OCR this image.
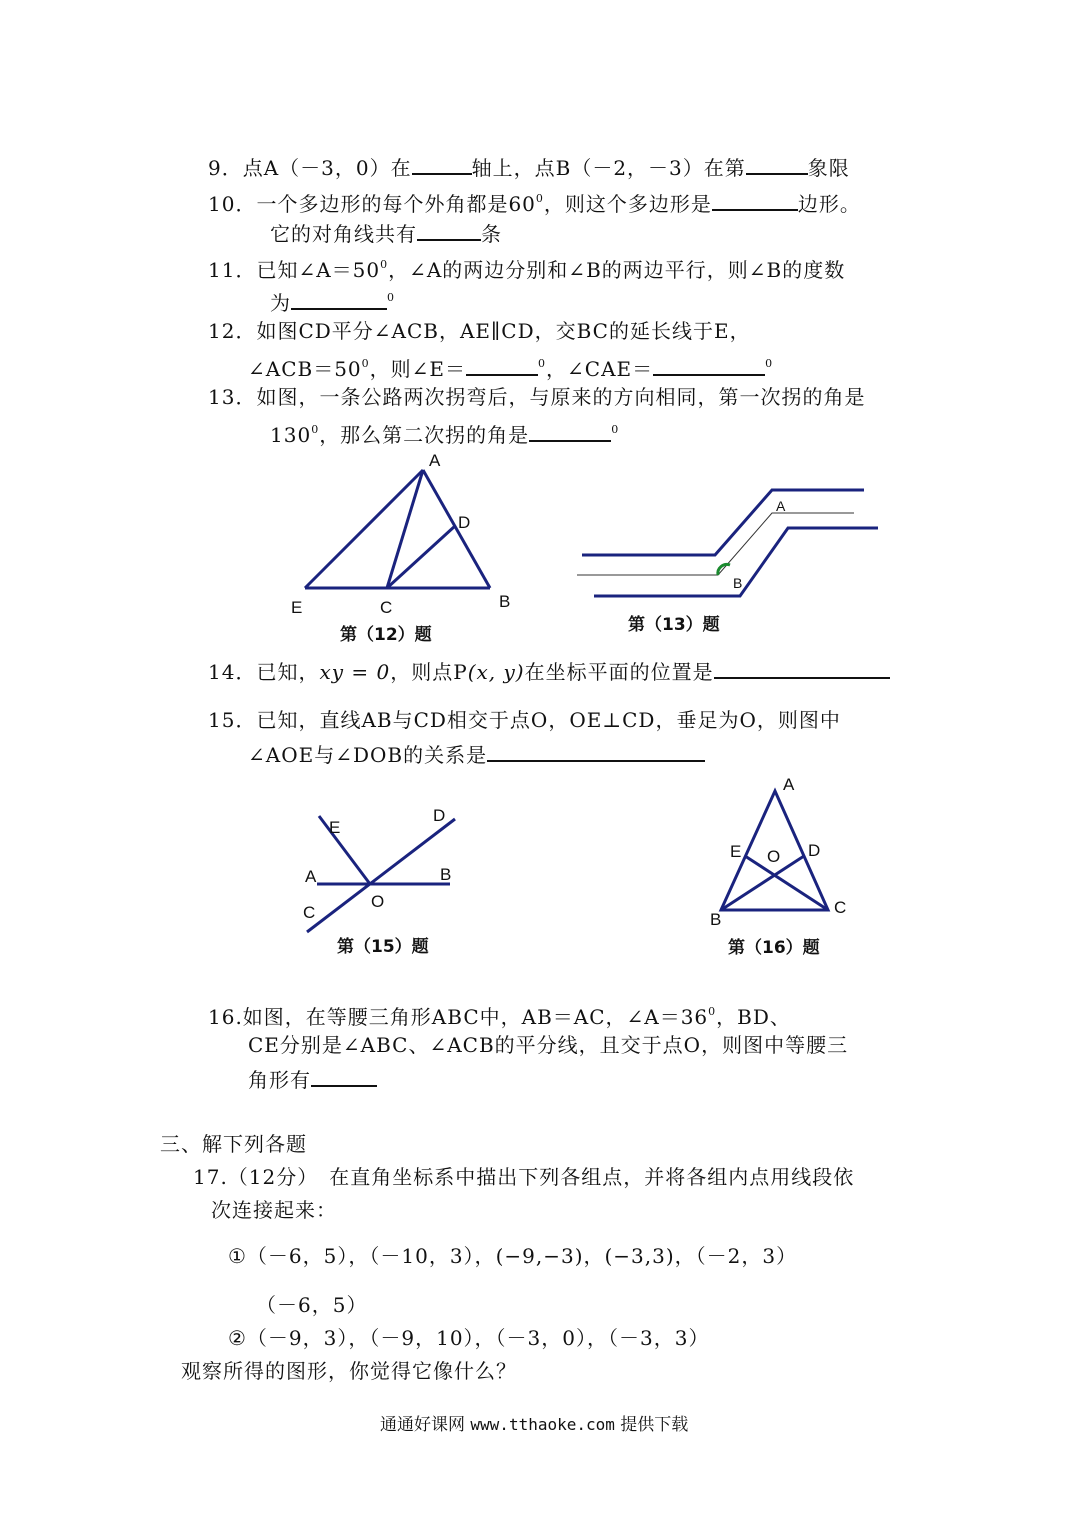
9．点A（－3，0）在	轴上，点B（－2，－3）在第	象限
10．一个多边形的每个外角都是$60^0$，则这个多边形是	边形。
它的对角线共有	条
11．已知$\angle A=50^0$，∠A的两边分别和∠B的两边平行，则∠B的度数
为	$^0$
12．如图CD平分∠ACB，AE∥CD，交BC的延长线于E，
$\angle ACB=50^0$，则∠E＝	$^0$，∠CAE＝	$^0$
13．如图，一条公路两次拐弯后，与原来的方向相同，第一次拐的角是
$130^0$，那么第二次拐的角是	$^0$
A
D
E	C	B
第（12）题
A
B
第（13）题
14．已知，xy = 0，则点P(x, y)在坐标平面的位置是
15．已知，直线AB与CD相交于点O，OE⊥CD，垂足为O，则图中
∠AOE与∠DOB的关系是
E
D
A	B
O
C
第（15）题
A
E O D
B
C
第（16）题
16.如图，在等腰三角形ABC中，AB＝AC，$\angle A=36^0$，BD、
CE分别是∠ABC、∠ACB的平分线，且交于点O，则图中等腰三
角形有
三、解下列各题
17.（12分）　在直角坐标系中描出下列各组点，并将各组内点用线段依
次连接起来：
①（－6，5），（－10，3），(−9,−3)，(−3,3)，（－2，3）
（－6，5）
②（－9，3），（－9，10），（－3，0），（－3，3）
观察所得的图形，你觉得它像什么？
通通好课网 www.tthaoke.com 提供下载
